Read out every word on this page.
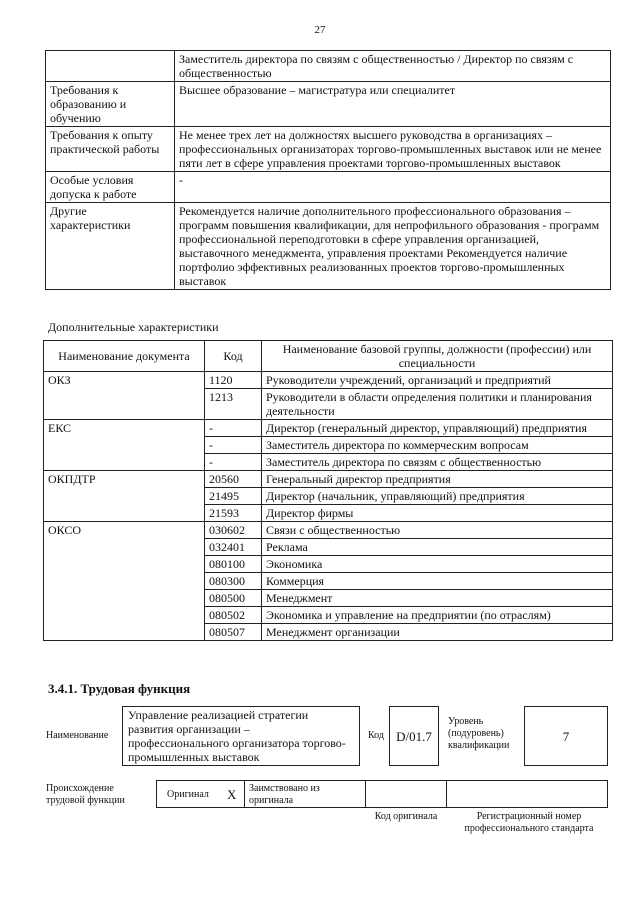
27
	Заместитель директора по связям с общественностью / Директор по связям с общественностью
Требования к образованию и обучению	Высшее образование – магистратура или специалитет
Требования к опыту практической работы	Не менее трех лет на должностях высшего руководства в организациях – профессиональных организаторах торгово-промышленных выставок или не менее пяти лет в сфере управления проектами торгово-промышленных выставок
Особые условия допуска к работе	-
Другие характеристики	Рекомендуется наличие дополнительного профессионального образования – программ повышения квалификации, для непрофильного образования - программ профессиональной переподготовки в сфере управления организацией, выставочного менеджмента, управления проектами Рекомендуется наличие портфолио эффективных реализованных проектов торгово-промышленных выставок
Дополнительные характеристики
Наименование документа	Код	Наименование базовой группы, должности (профессии) или специальности
ОКЗ	1120	Руководители учреждений, организаций и предприятий
	1213	Руководители в области определения политики и планирования деятельности
ЕКС	-	Директор (генеральный директор, управляющий) предприятия
	-	Заместитель директора по коммерческим вопросам
	-	Заместитель директора по связям с общественностью
ОКПДТР	20560	Генеральный директор предприятия
	21495	Директор (начальник, управляющий) предприятия
	21593	Директор фирмы
ОКСО	030602	Связи с общественностью
	032401	Реклама
	080100	Экономика
	080300	Коммерция
	080500	Менеджмент
	080502	Экономика и управление на предприятии (по отраслям)
	080507	Менеджмент организации
3.4.1. Трудовая функция
Наименование
Управление реализацией стратегии развития организации – профессионального организатора торгово-промышленных выставок
Код D/01.7
Уровень (подуровень) квалификации
7
Происхождение трудовой функции
Оригинал X Заимствовано из оригинала
Код оригинала	Регистрационный номер профессионального стандарта
